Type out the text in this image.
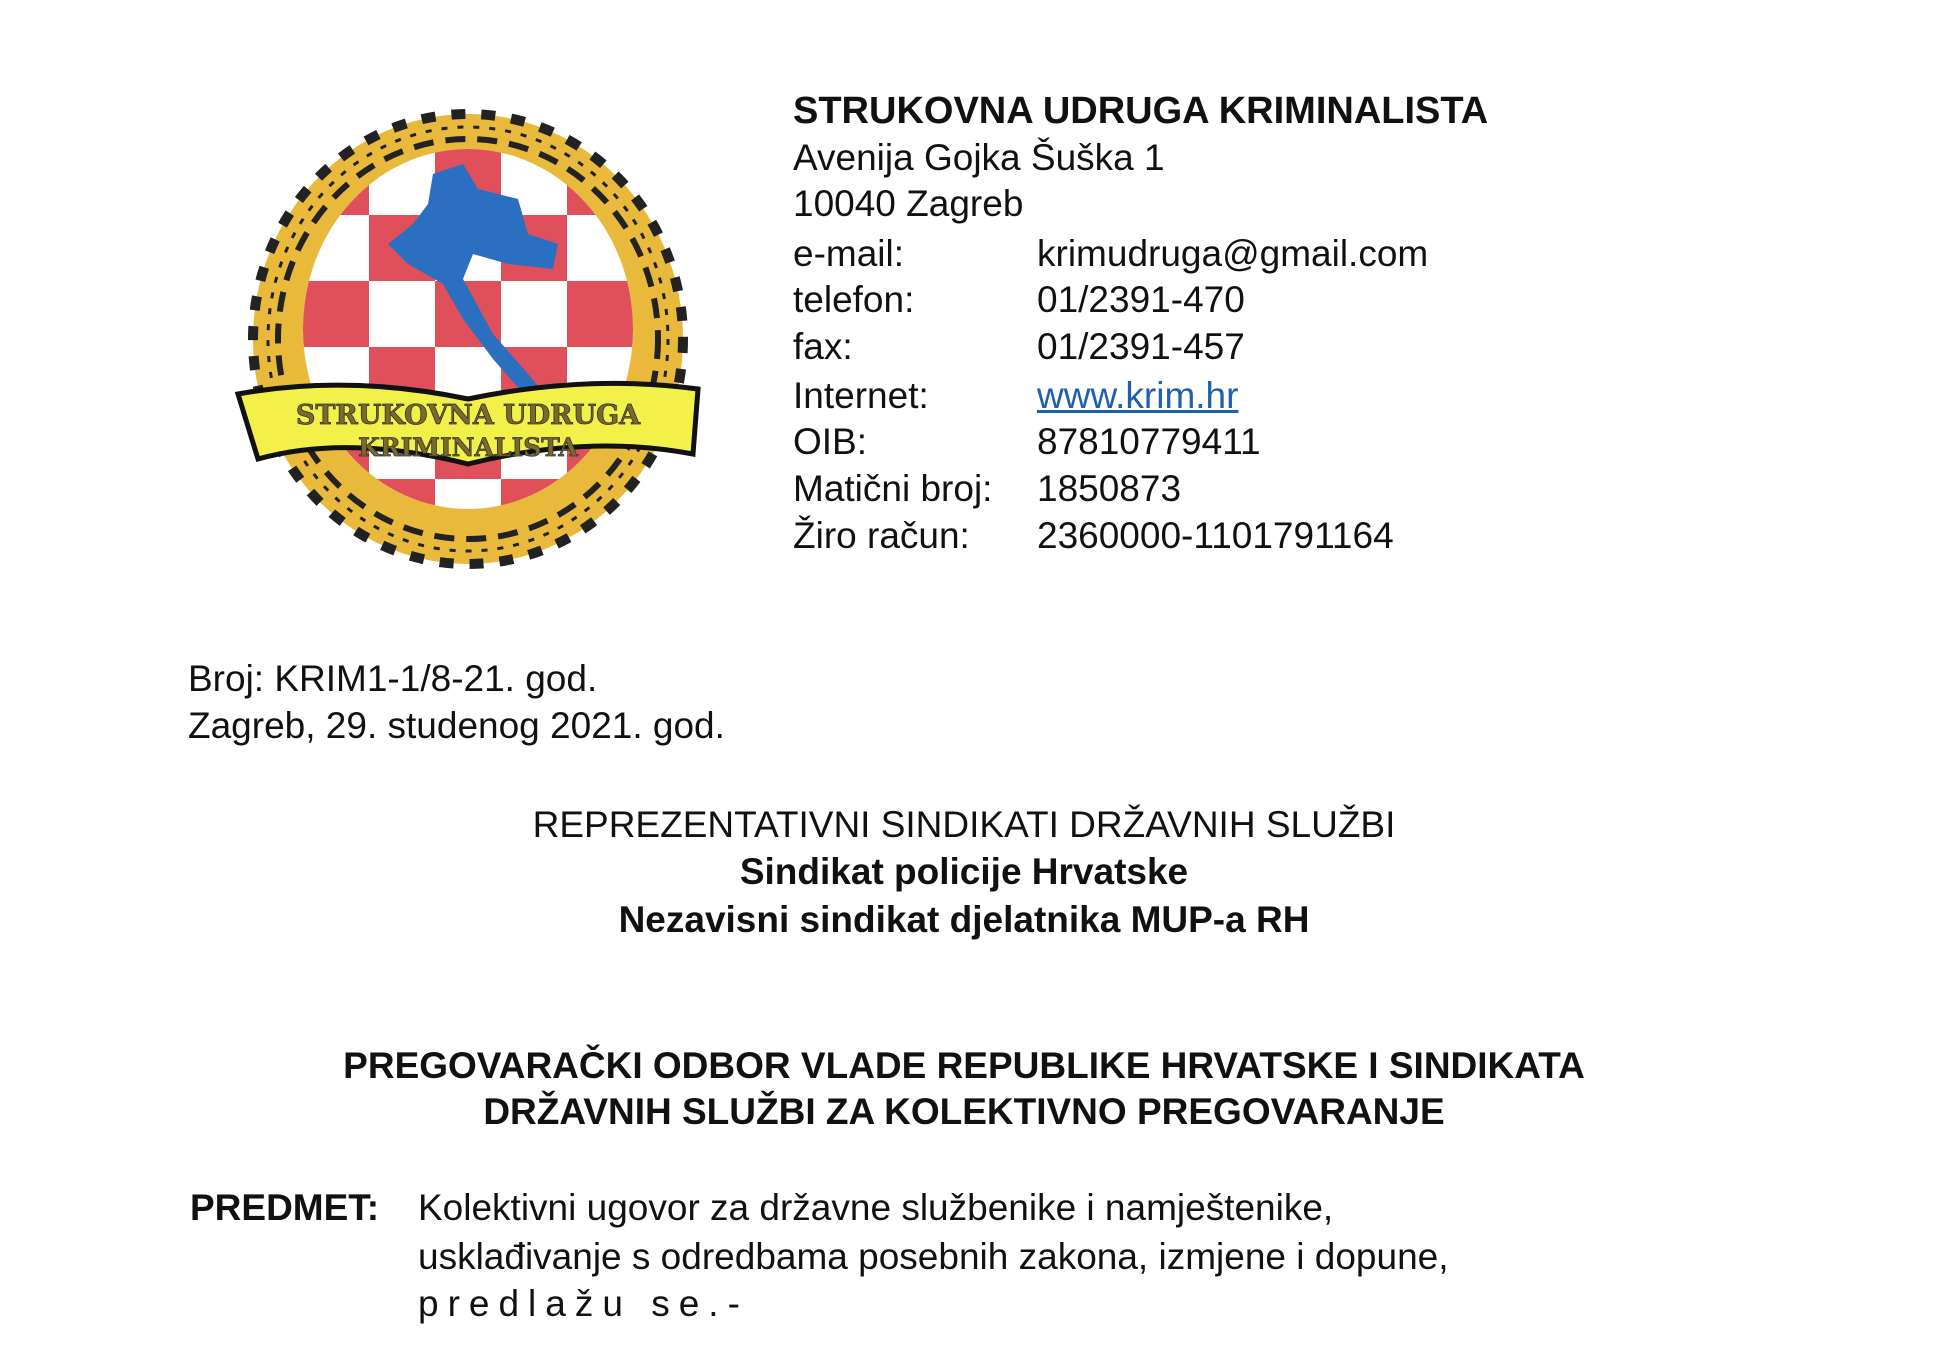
STRUKOVNA UDRUGA
KRIMINALISTA
STRUKOVNA UDRUGA KRIMINALISTA
Avenija Gojka Šuška 1
10040 Zagreb
e-mail:	krimudruga@gmail.com
telefon:	01/2391-470
fax:	01/2391-457
Internet:	www.krim.hr
OIB:	87810779411
Matični broj: 1850873
Žiro račun: 2360000-1101791164
Broj: KRIM1-1/8-21. god.
Zagreb, 29. studenog 2021. god.
REPREZENTATIVNI SINDIKATI DRŽAVNIH SLUŽBI
Sindikat policije Hrvatske
Nezavisni sindikat djelatnika MUP-a RH
PREGOVARAČKI ODBOR VLADE REPUBLIKE HRVATSKE I SINDIKATA
DRŽAVNIH SLUŽBI ZA KOLEKTIVNO PREGOVARANJE
PREDMET: Kolektivni ugovor za državne službenike i namještenike,
usklađivanje s odredbama posebnih zakona, izmjene i dopune,
predlažu se.-
